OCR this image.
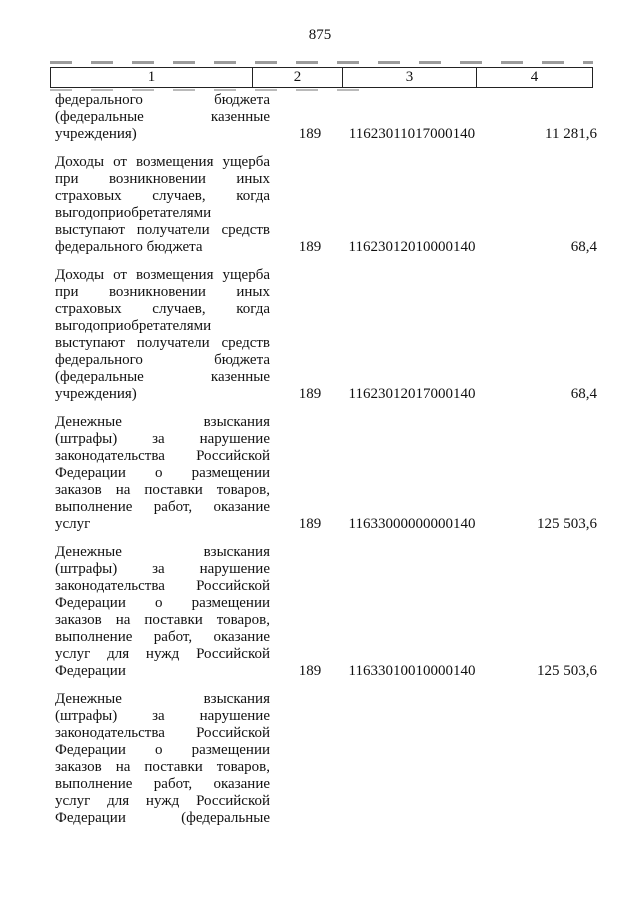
875
1	2	3	4
федерального бюджета
(федеральные казенные
учреждения)	189	11623011017000140	11 281,6
Доходы от возмещения ущерба
при возникновении иных
страховых случаев, когда
выгодоприобретателями
выступают получатели средств
федерального бюджета	189	11623012010000140	68,4
Доходы от возмещения ущерба
при возникновении иных
страховых случаев, когда
выгодоприобретателями
выступают получатели средств
федерального бюджета
(федеральные казенные
учреждения)	189	11623012017000140	68,4
Денежные взыскания
(штрафы) за нарушение
законодательства Российской
Федерации о размещении
заказов на поставки товаров,
выполнение работ, оказание
услуг	189	11633000000000140	125 503,6
Денежные взыскания
(штрафы) за нарушение
законодательства Российской
Федерации о размещении
заказов на поставки товаров,
выполнение работ, оказание
услуг для нужд Российской
Федерации	189	11633010010000140	125 503,6
Денежные взыскания
(штрафы) за нарушение
законодательства Российской
Федерации о размещении
заказов на поставки товаров,
выполнение работ, оказание
услуг для нужд Российской
Федерации (федеральные
